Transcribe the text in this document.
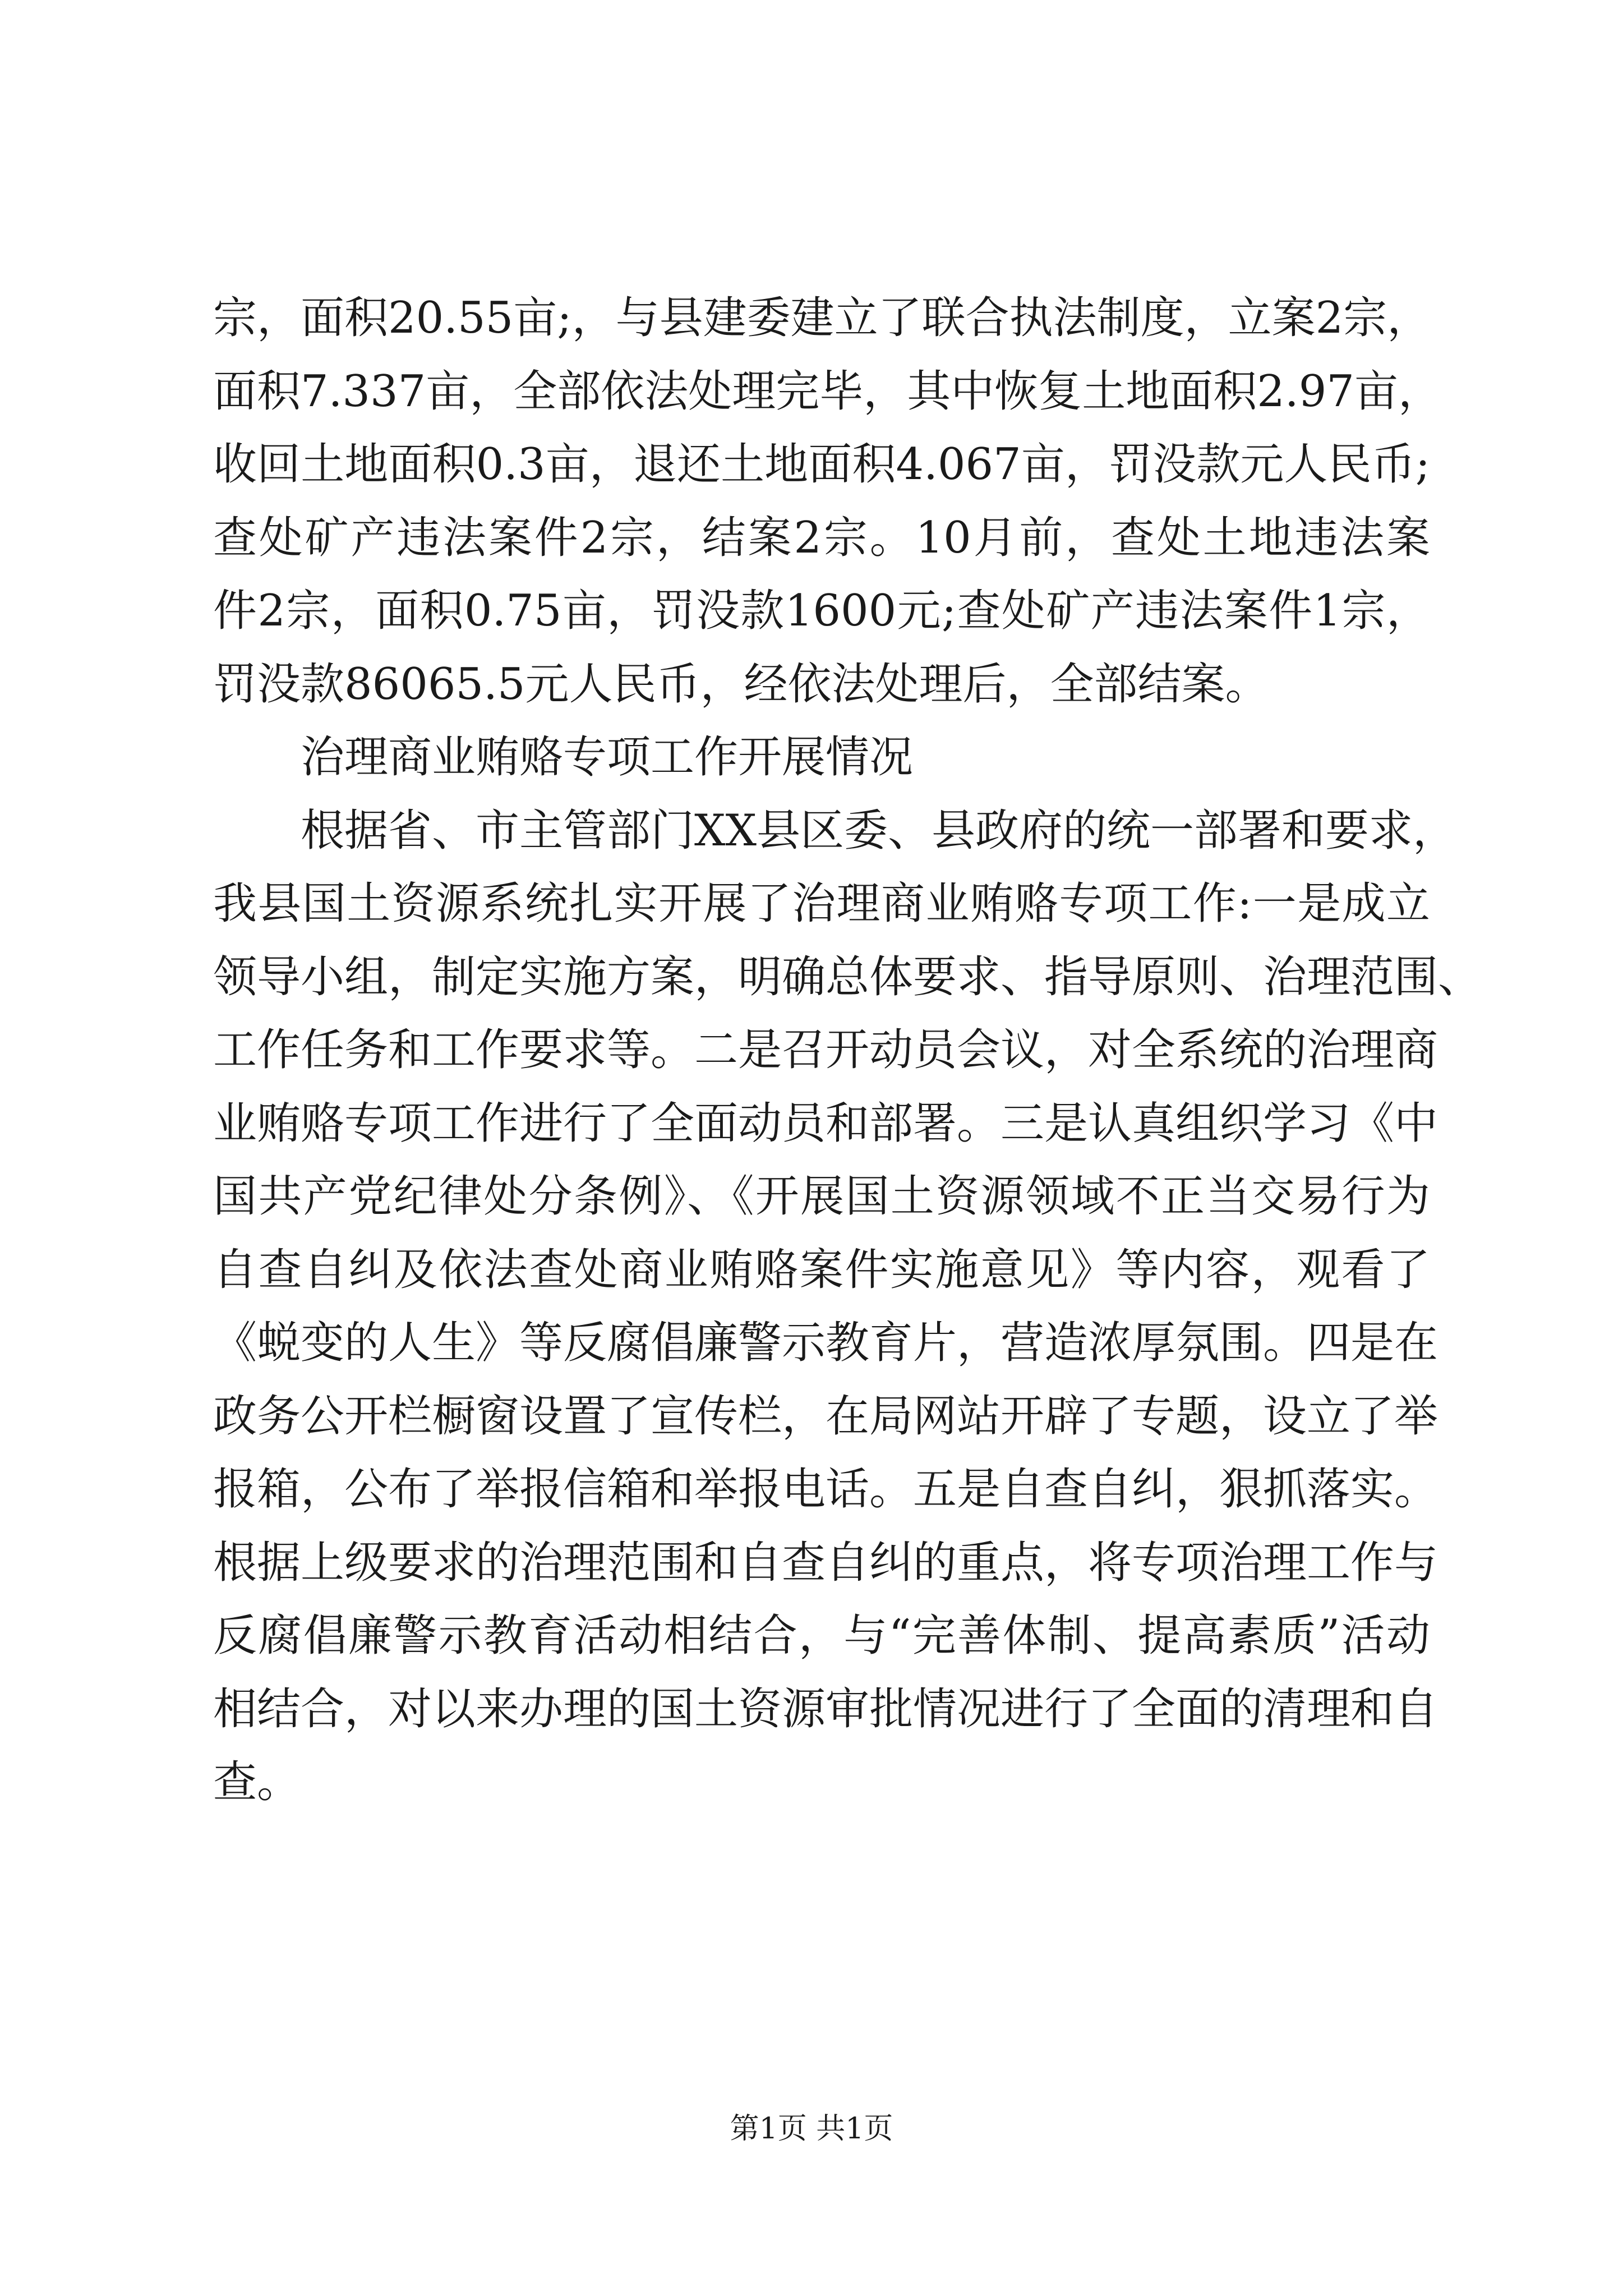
宗，面积20.55亩;，与县建委建立了联合执法制度，立案2宗，
面积7.337亩，全部依法处理完毕，其中恢复土地面积2.97亩，
收回土地面积0.3亩，退还土地面积4.067亩，罚没款元人民币;
查处矿产违法案件2宗，结案2宗。10月前，查处土地违法案
件2宗，面积0.75亩，罚没款1600元;查处矿产违法案件1宗，
罚没款86065.5元人民币，经依法处理后，全部结案。
治理商业贿赂专项工作开展情况
根据省、市主管部门XX县区委、县政府的统一部署和要求，
我县国土资源系统扎实开展了治理商业贿赂专项工作:一是成立
领导小组，制定实施方案，明确总体要求、指导原则、治理范围、
工作任务和工作要求等。二是召开动员会议，对全系统的治理商
业贿赂专项工作进行了全面动员和部署。三是认真组织学习《中
国共产党纪律处分条例》、《开展国土资源领域不正当交易行为
自查自纠及依法查处商业贿赂案件实施意见》等内容，观看了
《蜕变的人生》等反腐倡廉警示教育片，营造浓厚氛围。四是在
政务公开栏橱窗设置了宣传栏，在局网站开辟了专题，设立了举
报箱，公布了举报信箱和举报电话。五是自查自纠，狠抓落实。
根据上级要求的治理范围和自查自纠的重点，将专项治理工作与
反腐倡廉警示教育活动相结合，与“完善体制、提高素质”活动
相结合，对以来办理的国土资源审批情况进行了全面的清理和自
查。
第1页 共1页
